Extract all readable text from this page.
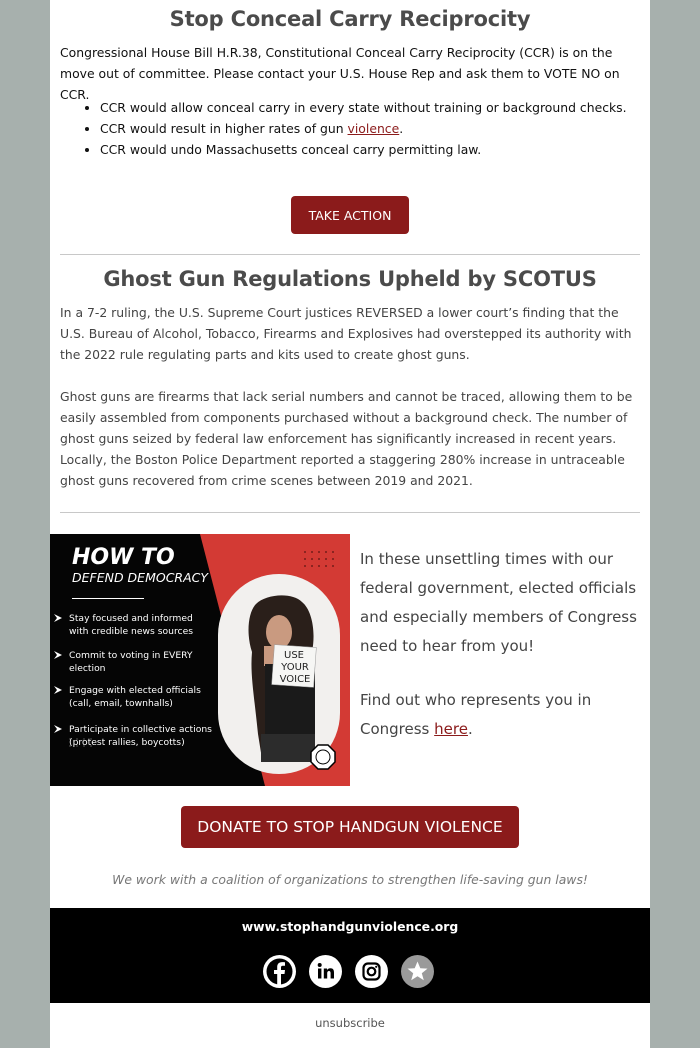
Stop Conceal Carry Reciprocity

Congressional House Bill H.R.38, Constitutional Conceal Carry Reciprocity (CCR) is on the move out of committee. Please contact your U.S. House Rep and ask them to VOTE NO on CCR.

• CCR would allow conceal carry in every state without training or background checks.
• CCR would result in higher rates of gun violence.
• CCR would undo Massachusetts conceal carry permitting law.
TAKE ACTION
Ghost Gun Regulations Upheld by SCOTUS

In a 7-2 ruling, the U.S. Supreme Court justices REVERSED a lower court’s finding that the U.S. Bureau of Alcohol, Tobacco, Firearms and Explosives had overstepped its authority with the 2022 rule regulating parts and kits used to create ghost guns.

Ghost guns are firearms that lack serial numbers and cannot be traced, allowing them to be easily assembled from components purchased without a background check. The number of ghost guns seized by federal law enforcement has significantly increased in recent years. Locally, the Boston Police Department reported a staggering 280% increase in untraceable ghost guns recovered from crime scenes between 2019 and 2021.

USE
YOUR
VOICE
HOW TO
DEFEND DEMOCRACY
Stay focused and informed
with credible news sources
Commit to voting in EVERY
election
Engage with elected officials
(call, email, townhalls)
Participate in collective actions
(protest rallies, boycotts)

In these unsettling times with our federal government, elected officials and especially members of Congress need to hear from you!

Find out who represents you in Congress here.

DONATE TO STOP HANDGUN VIOLENCE
We work with a coalition of organizations to strengthen life-saving gun laws!
www.stophandgunviolence.org
unsubscribe
